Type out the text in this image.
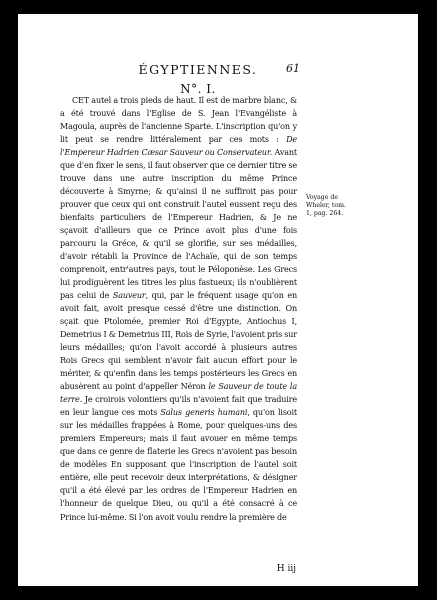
ÉGYPTIENNES.	61
N°. I.

CET autel a trois pieds de haut. Il est de marbre blanc, & a été trouvé dans l'Eglise de S. Jean l'Evangéliste à Magoula, auprès de l'ancienne Sparte. L'inscription qu'on y lit peut se rendre littéralement par ces mots : De l'Empereur Hadrien Cæsar Sauveur ou Conservateur. Avant que d'en fixer le sens, il faut observer que ce dernier titre se trouve dans une autre inscription du même Prince découverte à Smyrne; & qu'ainsi il ne suffiroit pas pour prouver que ceux qui ont construit l'autel eussent reçu des bienfaits particuliers de l'Empereur Hadrien, & Je ne sçavoit d'ailleurs que ce Prince avoit plus d'une fois parcouru la Gréce, & qu'il se glorifie, sur ses médailles, d'avoir rétabli la Province de l'Achaïe, qui de son temps comprenoit, entr'autres pays, tout le Péloponèse. Les Grecs lui prodiguèrent les titres les plus fastueux; ils n'oublièrent pas celui de Sauveur, qui, par le fréquent usage qu'on en avoit fait, avoit presque cessé d'être une distinction. On sçait que Ptolomée, premier Roi d'Egypte, Antiochus I, Demetrius I & Demetrius III, Rois de Syrie, l'avoient pris sur leurs médailles; qu'on l'avoit accordé à plusieurs autres Rois Grecs qui semblent n'avoir fait aucun effort pour le mériter, & qu'enfin dans les temps postérieurs les Grecs en abusèrent au point d'appeller Néron le Sauveur de toute la terre. Je croirois volontiers qu'ils n'avoient fait que traduire en leur langue ces mots Salus generis humani, qu'on lisoit sur les médailles frappées à Rome, pour quelques-uns des premiers Empereurs; mais il faut avouer en même temps que dans ce genre de flaterie les Grecs n'avoient pas besoin de modèles En supposant que l'inscription de l'autel soit entière, elle peut recevoir deux interprétations, & désigner qu'il a été élevé par les ordres de l'Empereur Hadrien en l'honneur de quelque Dieu, ou qu'il a été consacré à ce Prince lui-même. Si l'on avoit voulu rendre la première de

Voyage de Wheler, tom. 1, pag. 264.

H iij
